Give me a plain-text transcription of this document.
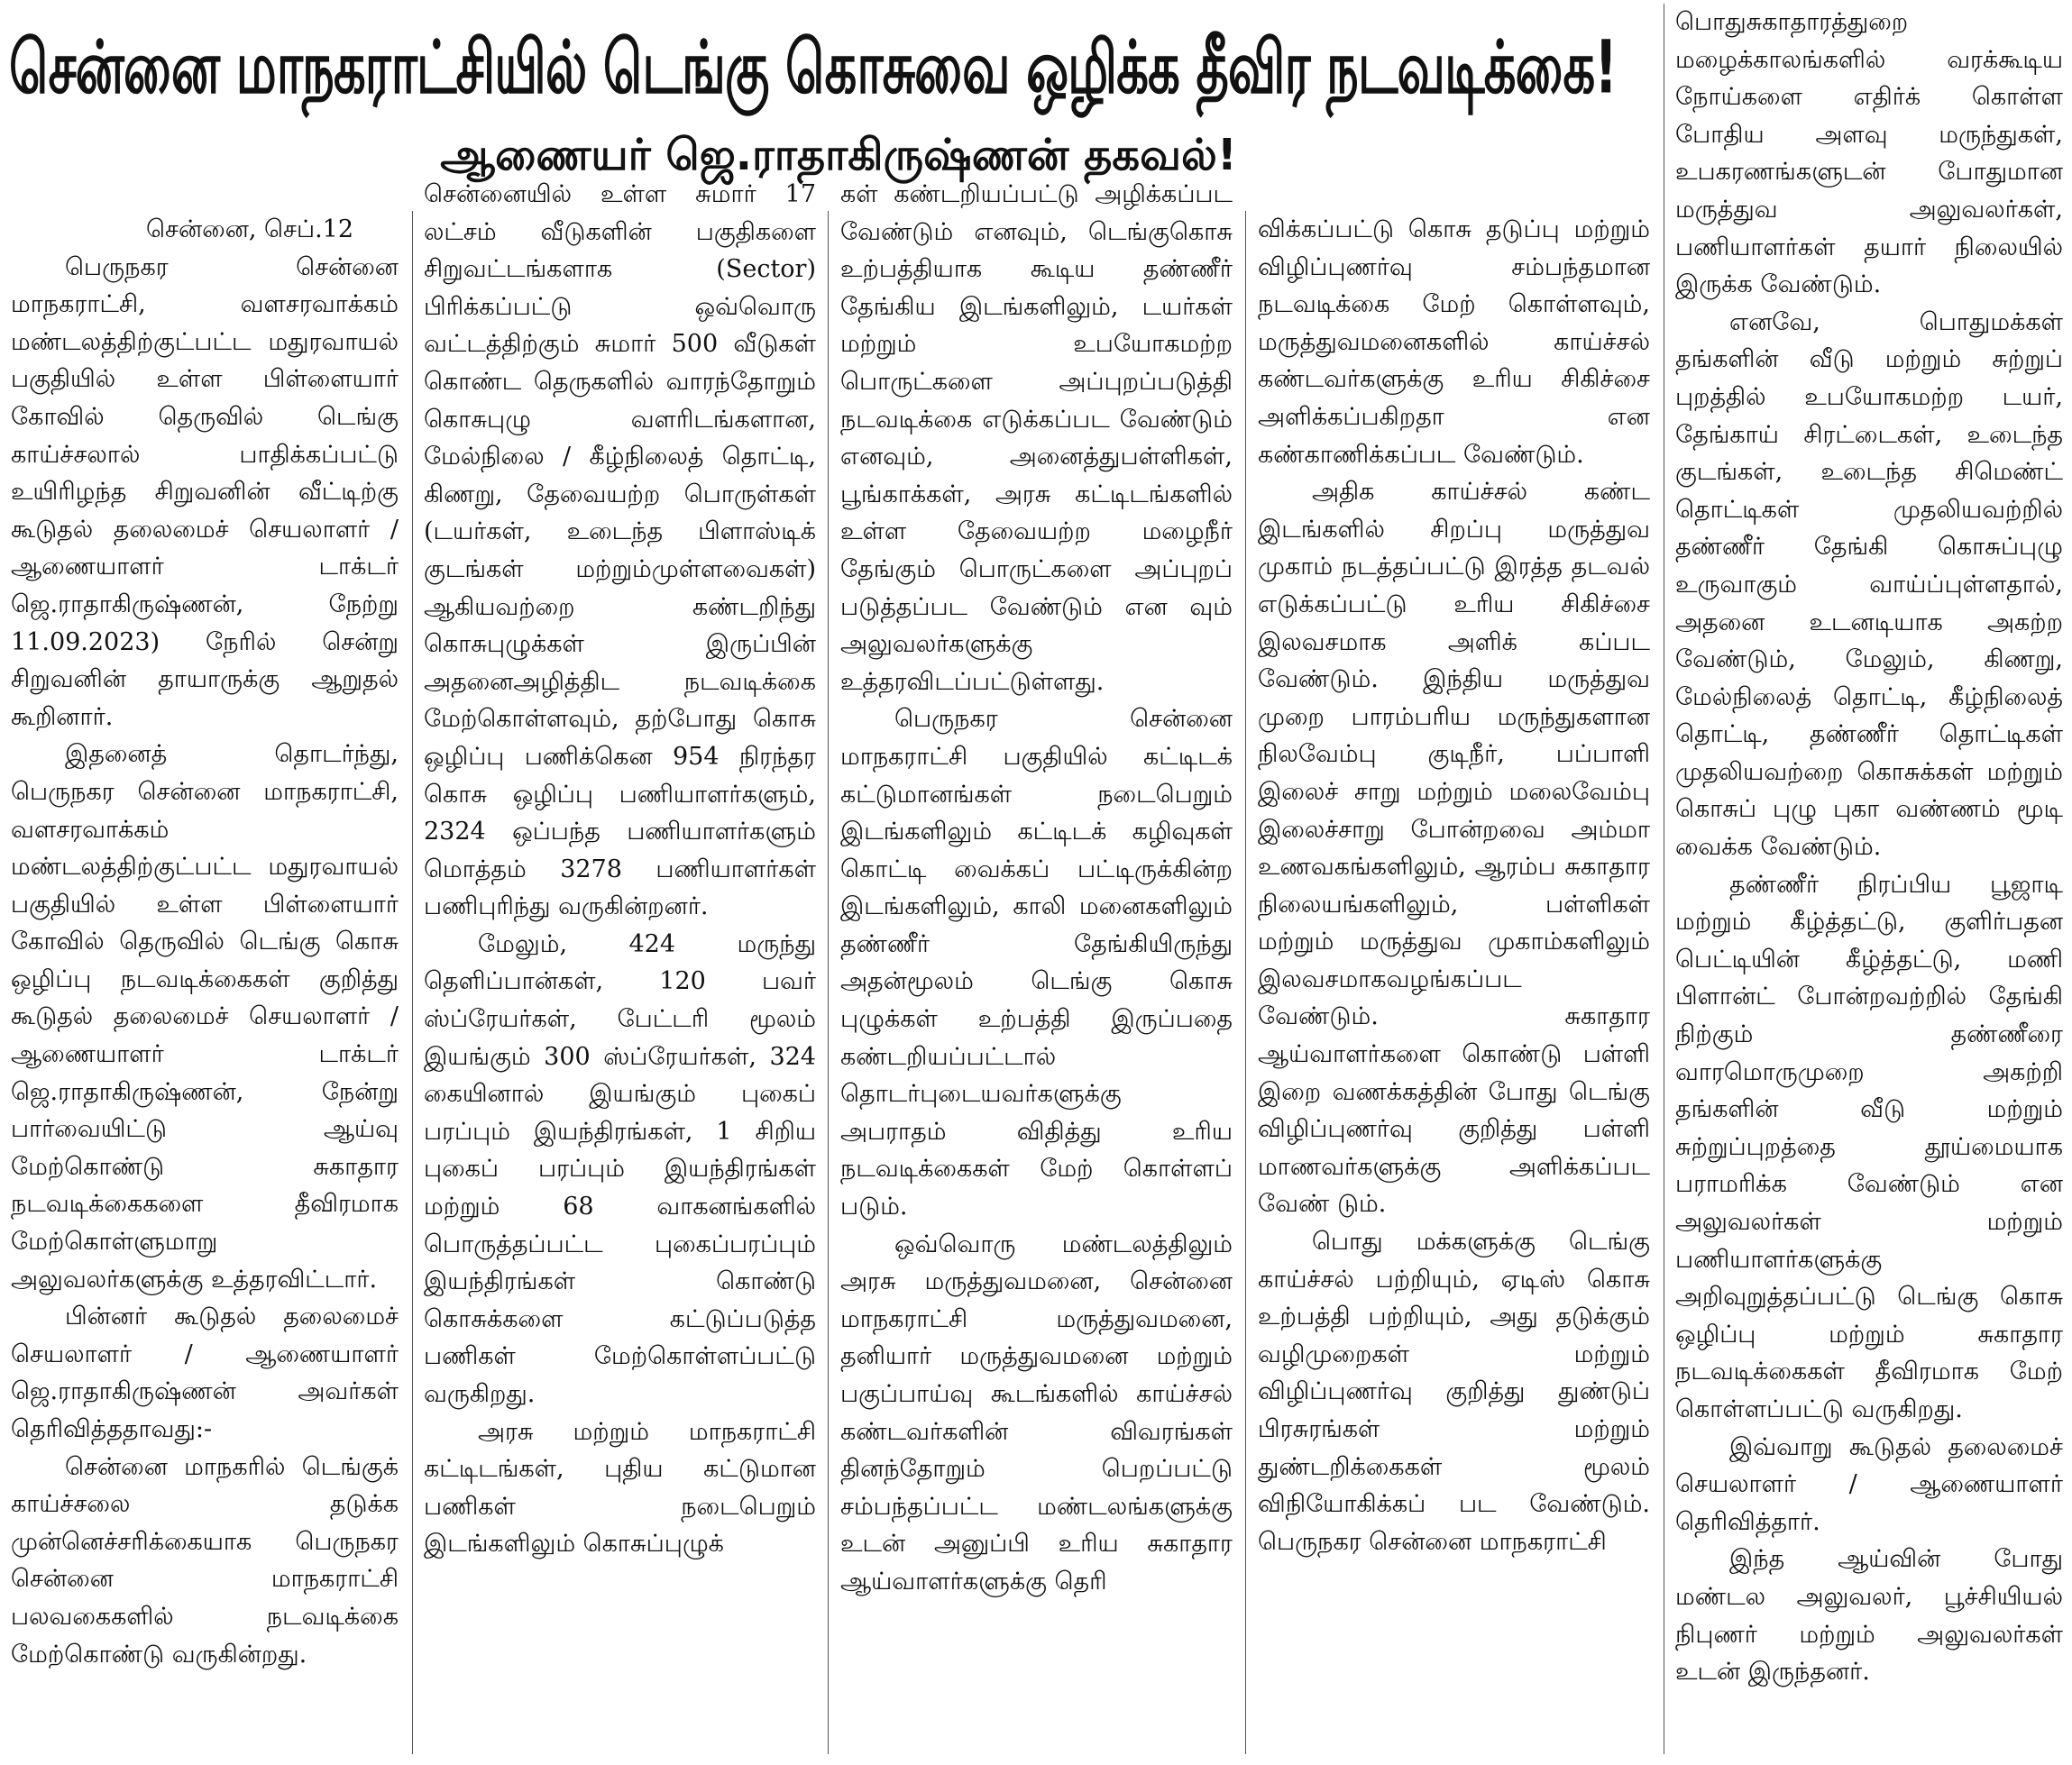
சென்னை மாநகராட்சியில் டெங்கு கொசுவை ஒழிக்க தீவிர நடவடிக்கை!
ஆணையர் ஜெ.ராதாகிருஷ்ணன் தகவல்!

சென்னை, செப்.12

பெருநகர சென்னை மாநகராட்சி, வளசரவாக்கம் மண்டலத்திற்குட்பட்ட மதுரவாயல் பகுதியில் உள்ள பிள்ளையார் கோவில் தெருவில் டெங்கு காய்ச்சலால் பாதிக்கப்பட்டு உயிரிழந்த சிறுவனின் வீட்டிற்கு கூடுதல் தலைமைச் செயலாளர் / ஆணையாளர் டாக்டர் ஜெ.ராதாகிருஷ்ணன், நேற்று 11.09.2023) நேரில் சென்று சிறுவனின் தாயாருக்கு ஆறுதல் கூறினார்.

இதனைத் தொடர்ந்து, பெருநகர சென்னை மாநகராட்சி, வளசரவாக்கம் மண்டலத்திற்குட்பட்ட மதுரவாயல் பகுதியில் உள்ள பிள்ளையார் கோவில் தெருவில் டெங்கு கொசு ஒழிப்பு நடவடிக்கைகள் குறித்து கூடுதல் தலைமைச் செயலாளர் / ஆணையாளர் டாக்டர் ஜெ.ராதாகிருஷ்ணன், நேன்று பார்வையிட்டு ஆய்வு மேற்கொண்டு சுகாதார நடவடிக்கைகளை தீவிரமாக மேற்கொள்ளுமாறு அலுவலர்களுக்கு உத்தரவிட்டார்.

பின்னர் கூடுதல் தலைமைச் செயலாளர் / ஆணையாளர் ஜெ.ராதாகிருஷ்ணன் அவர்கள் தெரிவித்ததாவது:-

சென்னை மாநகரில் டெங்குக் காய்ச்சலை தடுக்க முன்னெச்சரிக்கையாக பெருநகர சென்னை மாநகராட்சி பலவகைகளில் நடவடிக்கை மேற்கொண்டு வருகின்றது.

சென்னையில் உள்ள சுமார் 17 லட்சம் வீடுகளின் பகுதிகளை சிறுவட்டங்களாக (Sector) பிரிக்கப்பட்டு ஒவ்வொரு வட்டத்திற்கும் சுமார் 500 வீடுகள் கொண்ட தெருகளில் வாரந்தோறும் கொசுபுழு வளரிடங்களான, மேல்நிலை / கீழ்நிலைத் தொட்டி, கிணறு, தேவையற்ற பொருள்கள் (டயர்கள், உடைந்த பிளாஸ்டிக் குடங்கள் மற்றும்முள்ளவைகள்) ஆகியவற்றை கண்டறிந்து கொசுபுழுக்கள் இருப்பின் அதனைஅழித்திட நடவடிக்கை மேற்கொள்ளவும், தற்போது கொசு ஒழிப்பு பணிக்கென 954 நிரந்தர கொசு ஒழிப்பு பணியாளர்களும், 2324 ஒப்பந்த பணியாளர்களும் மொத்தம் 3278 பணியாளர்கள் பணிபுரிந்து வருகின்றனர்.

மேலும், 424 மருந்து தெளிப்பான்கள், 120 பவர் ஸ்ப்ரேயர்கள், பேட்டரி மூலம் இயங்கும் 300 ஸ்ப்ரேயர்கள், 324 கையினால் இயங்கும் புகைப் பரப்பும் இயந்திரங்கள், 1 சிறிய புகைப் பரப்பும் இயந்திரங்கள் மற்றும் 68 வாகனங்களில் பொருத்தப்பட்ட புகைப்பரப்பும் இயந்திரங்கள் கொண்டு கொசுக்களை கட்டுப்படுத்த பணிகள் மேற்கொள்ளப்பட்டு வருகிறது.

அரசு மற்றும் மாநகராட்சி கட்டிடங்கள், புதிய கட்டுமான பணிகள் நடைபெறும் இடங்களிலும் கொசுப்புழுக்

கள் கண்டறியப்பட்டு அழிக்கப்பட வேண்டும் எனவும், டெங்குகொசு உற்பத்தியாக கூடிய தண்ணீர் தேங்கிய இடங்களிலும், டயர்கள் மற்றும் உபயோகமற்ற பொருட்களை அப்புறப்படுத்தி நடவடிக்கை எடுக்கப்பட வேண்டும் எனவும், அனைத்துபள்ளிகள், பூங்காக்கள், அரசு கட்டிடங்களில் உள்ள தேவையற்ற மழைநீர் தேங்கும் பொருட்களை அப்புறப் படுத்தப்பட வேண்டும் என வும் அலுவலர்களுக்கு உத்தரவிடப்பட்டுள்ளது.

பெருநகர சென்னை மாநகராட்சி பகுதியில் கட்டிடக் கட்டுமானங்கள் நடைபெறும் இடங்களிலும் கட்டிடக் கழிவுகள் கொட்டி வைக்கப் பட்டிருக்கின்ற இடங்களிலும், காலி மனைகளிலும் தண்ணீர் தேங்கியிருந்து அதன்மூலம் டெங்கு கொசு புழுக்கள் உற்பத்தி இருப்பதை கண்டறியப்பட்டால் தொடர்புடையவர்களுக்கு அபராதம் விதித்து உரிய நடவடிக்கைகள் மேற் கொள்ளப் படும்.

ஒவ்வொரு மண்டலத்திலும் அரசு மருத்துவமனை, சென்னை மாநகராட்சி மருத்துவமனை, தனியார் மருத்துவமனை மற்றும் பகுப்பாய்வு கூடங்களில் காய்ச்சல் கண்டவர்களின் விவரங்கள் தினந்தோறும் பெறப்பட்டு சம்பந்தப்பட்ட மண்டலங்களுக்கு உடன் அனுப்பி உரிய சுகாதார ஆய்வாளர்களுக்கு தெரி

விக்கப்பட்டு கொசு தடுப்பு மற்றும் விழிப்புணர்வு சம்பந்தமான நடவடிக்கை மேற் கொள்ளவும், மருத்துவமனைகளில் காய்ச்சல் கண்டவர்களுக்கு உரிய சிகிச்சை அளிக்கப்பகிறதா என கண்காணிக்கப்பட வேண்டும்.

அதிக காய்ச்சல் கண்ட இடங்களில் சிறப்பு மருத்துவ முகாம் நடத்தப்பட்டு இரத்த தடவல் எடுக்கப்பட்டு உரிய சிகிச்சை இலவசமாக அளிக் கப்பட வேண்டும். இந்திய மருத்துவ முறை பாரம்பரிய மருந்துகளான நிலவேம்பு குடிநீர், பப்பாளி இலைச் சாறு மற்றும் மலைவேம்பு இலைச்சாறு போன்றவை அம்மா உணவகங்களிலும், ஆரம்ப சுகாதார நிலையங்களிலும், பள்ளிகள் மற்றும் மருத்துவ முகாம்களிலும் இலவசமாகவழங்கப்பட வேண்டும். சுகாதார ஆய்வாளர்களை கொண்டு பள்ளி இறை வணக்கத்தின் போது டெங்கு விழிப்புணர்வு குறித்து பள்ளி மாணவர்களுக்கு அளிக்கப்பட வேண் டும்.

பொது மக்களுக்கு டெங்கு காய்ச்சல் பற்றியும், ஏடிஸ் கொசு உற்பத்தி பற்றியும், அது தடுக்கும் வழிமுறைகள் மற்றும் விழிப்புணர்வு குறித்து துண்டுப் பிரசுரங்கள் மற்றும் துண்டறிக்கைகள் மூலம் விநியோகிக்கப் பட வேண்டும். பெருநகர சென்னை மாநகராட்சி

பொதுசுகாதாரத்துறை மழைக்காலங்களில் வரக்கூடிய நோய்களை எதிர்க் கொள்ள போதிய அளவு மருந்துகள், உபகரணங்களுடன் போதுமான மருத்துவ அலுவலர்கள், பணியாளர்கள் தயார் நிலையில் இருக்க வேண்டும்.

எனவே, பொதுமக்கள் தங்களின் வீடு மற்றும் சுற்றுப் புறத்தில் உபயோகமற்ற டயர், தேங்காய் சிரட்டைகள், உடைந்த குடங்கள், உடைந்த சிமெண்ட் தொட்டிகள் முதலியவற்றில் தண்ணீர் தேங்கி கொசுப்புழு உருவாகும் வாய்ப்புள்ளதால், அதனை உடனடியாக அகற்ற வேண்டும், மேலும், கிணறு, மேல்நிலைத் தொட்டி, கீழ்நிலைத் தொட்டி, தண்ணீர் தொட்டிகள் முதலியவற்றை கொசுக்கள் மற்றும் கொசுப் புழு புகா வண்ணம் மூடி வைக்க வேண்டும்.

தண்ணீர் நிரப்பிய பூஜாடி மற்றும் கீழ்த்தட்டு, குளிர்பதன பெட்டியின் கீழ்த்தட்டு, மணி பிளான்ட் போன்றவற்றில் தேங்கி நிற்கும் தண்ணீரை வாரமொருமுறை அகற்றி தங்களின் வீடு மற்றும் சுற்றுப்புறத்தை தூய்மையாக பராமரிக்க வேண்டும் என அலுவலர்கள் மற்றும் பணியாளர்களுக்கு அறிவுறுத்தப்பட்டு டெங்கு கொசு ஒழிப்பு மற்றும் சுகாதார நடவடிக்கைகள் தீவிரமாக மேற் கொள்ளப்பட்டு வருகிறது.

இவ்வாறு கூடுதல் தலைமைச் செயலாளர் / ஆணையாளர் தெரிவித்தார்.

இந்த ஆய்வின் போது மண்டல அலுவலர், பூச்சியியல் நிபுணர் மற்றும் அலுவலர்கள் உடன் இருந்தனர்.
